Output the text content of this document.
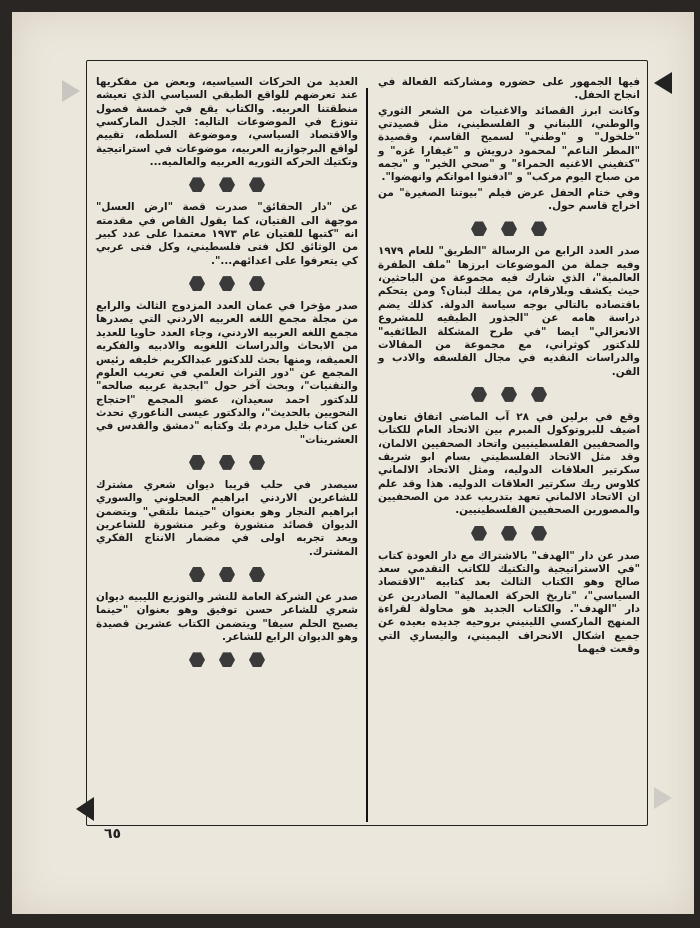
فيها الجمهور على حضوره ومشاركته الفعالة في انجاح الحفل.

وكانت ابرز القصائد والاغنيات من الشعر الثوري والوطني، اللبناني و الفلسطيني، مثل قصيدتي "خلخول" و "وطني" لسميح القاسم، وقصيدة "المطر الناعم" لمحمود درويش و "غيفارا غزه" و "كتفيني الاغنيه الحمراء" و "صحي الخير" و "نجمه من صباح اليوم مركب" و "ادفنوا امواتكم وانهضوا".

وفي ختام الحفل عرض فيلم "بيوتنا الصغيرة" من اخراج قاسم حول.

صدر العدد الرابع من الرسالة "الطريق" للعام ١٩٧٩ وفيه جملة من الموضوعات ابرزها "ملف الطفرة العالمية"، الذي شارك فيه مجموعة من الباحثين، حيث يكشف وبلارقام، من يملك لبنان؟ ومن يتحكم باقتصاده بالتالي بوجه سياسة الدولة. كذلك يضم دراسة هامه عن "الجذور الطبقيه للمشروع الانعزالي" ايضا "في طرح المشكلة الطائفيه" للدكتور كوثراني، مع مجموعة من المقالات والدراسات النقديه في مجال الفلسفه والادب و الفن.

وقع في برلين في ٢٨ آب الماضي اتفاق تعاون اضيف للبروتوكول المبرم بين الاتحاد العام للكتاب والصحفيين الفلسطينيين واتحاد الصحفيين الالمان، وقد مثل الاتحاد الفلسطيني بسام ابو شريف سكرتير العلاقات الدوليه، ومثل الاتحاد الالماني كلاوس ريك سكرتير العلاقات الدوليه. هذا وقد علم ان الاتحاد الالماني تعهد بتدريب عدد من الصحفيين والمصورين الصحفيين الفلسطينيين.

صدر عن دار "الهدف" بالاشتراك مع دار العودة كتاب "في الاستراتيجية والتكتيك للكاتب التقدمي سعد صالح وهو الكتاب الثالث بعد كتابيه "الاقتصاد السياسي"، "تاريخ الحركة العمالية" الصادرين عن دار "الهدف". والكتاب الجديد هو محاولة لقراءة المنهج الماركسي اللينيني بروحيه جديده بعيده عن جميع اشكال الانحراف اليميني، واليساري التي وقعت فيهما

العديد من الحركات السياسيه، وبعض من مفكريها عند تعرضهم للواقع الطبقي السياسي الذي تعيشه منطقتنا العربيه. والكتاب يقع في خمسة فصول تتوزع في الموضوعات التاليه: الجدل الماركسي والاقتصاد السياسي، وموضوعة السلطه، تقييم لواقع البرجوازيه العربيه، موضوعات في استراتيجية وتكتيك الحركه الثوريه العربيه والعالميه...

عن "دار الحقائق" صدرت قصة "ارض العسل" موجهة الى الفتيان، كما يقول القاص في مقدمته انه "كتبها للفتيان عام ١٩٧٣ معتمدا على عدد كبير من الوثائق لكل فتى فلسطيني، وكل فتى عربي كي يتعرفوا على اعدائهم...".

صدر مؤخرا في عمان العدد المزدوج الثالث والرابع من مجلة مجمع اللغه العربيه الاردني التي يصدرها مجمع اللغه العربيه الاردني، وجاء العدد حاويا للعديد من الابحاث والدراسات اللغويه والادبيه والفكريه العميقه، ومنها بحث للدكتور عبدالكريم خليفه رئيس المجمع عن "دور التراث العلمي في تعريب العلوم والتقنيات"، وبحث آخر حول "ابجدية عربيه صالحه" للدكتور احمد سعيدان، عضو المجمع "احتجاج النحويين بالحديث"، والدكتور عيسى الناعوري تحدث عن كتاب خليل مردم بك وكتابه "دمشق والقدس في العشرينات"

سيصدر في حلب قريبا ديوان شعري مشترك للشاعرين الاردني ابراهيم العجلوني والسوري ابراهيم النجار وهو بعنوان "حينما نلتقي" ويتضمن الديوان قصائد منشورة وغير منشورة للشاعرين ويعد تجربه اولى في مضمار الانتاج الفكري المشترك.

صدر عن الشركة العامة للنشر والتوزيع الليبيه ديوان شعري للشاعر حسن توفيق وهو بعنوان "حينما يصبح الحلم سيفا" ويتضمن الكتاب عشرين قصيدة وهو الديوان الرابع للشاعر.

٦٥
